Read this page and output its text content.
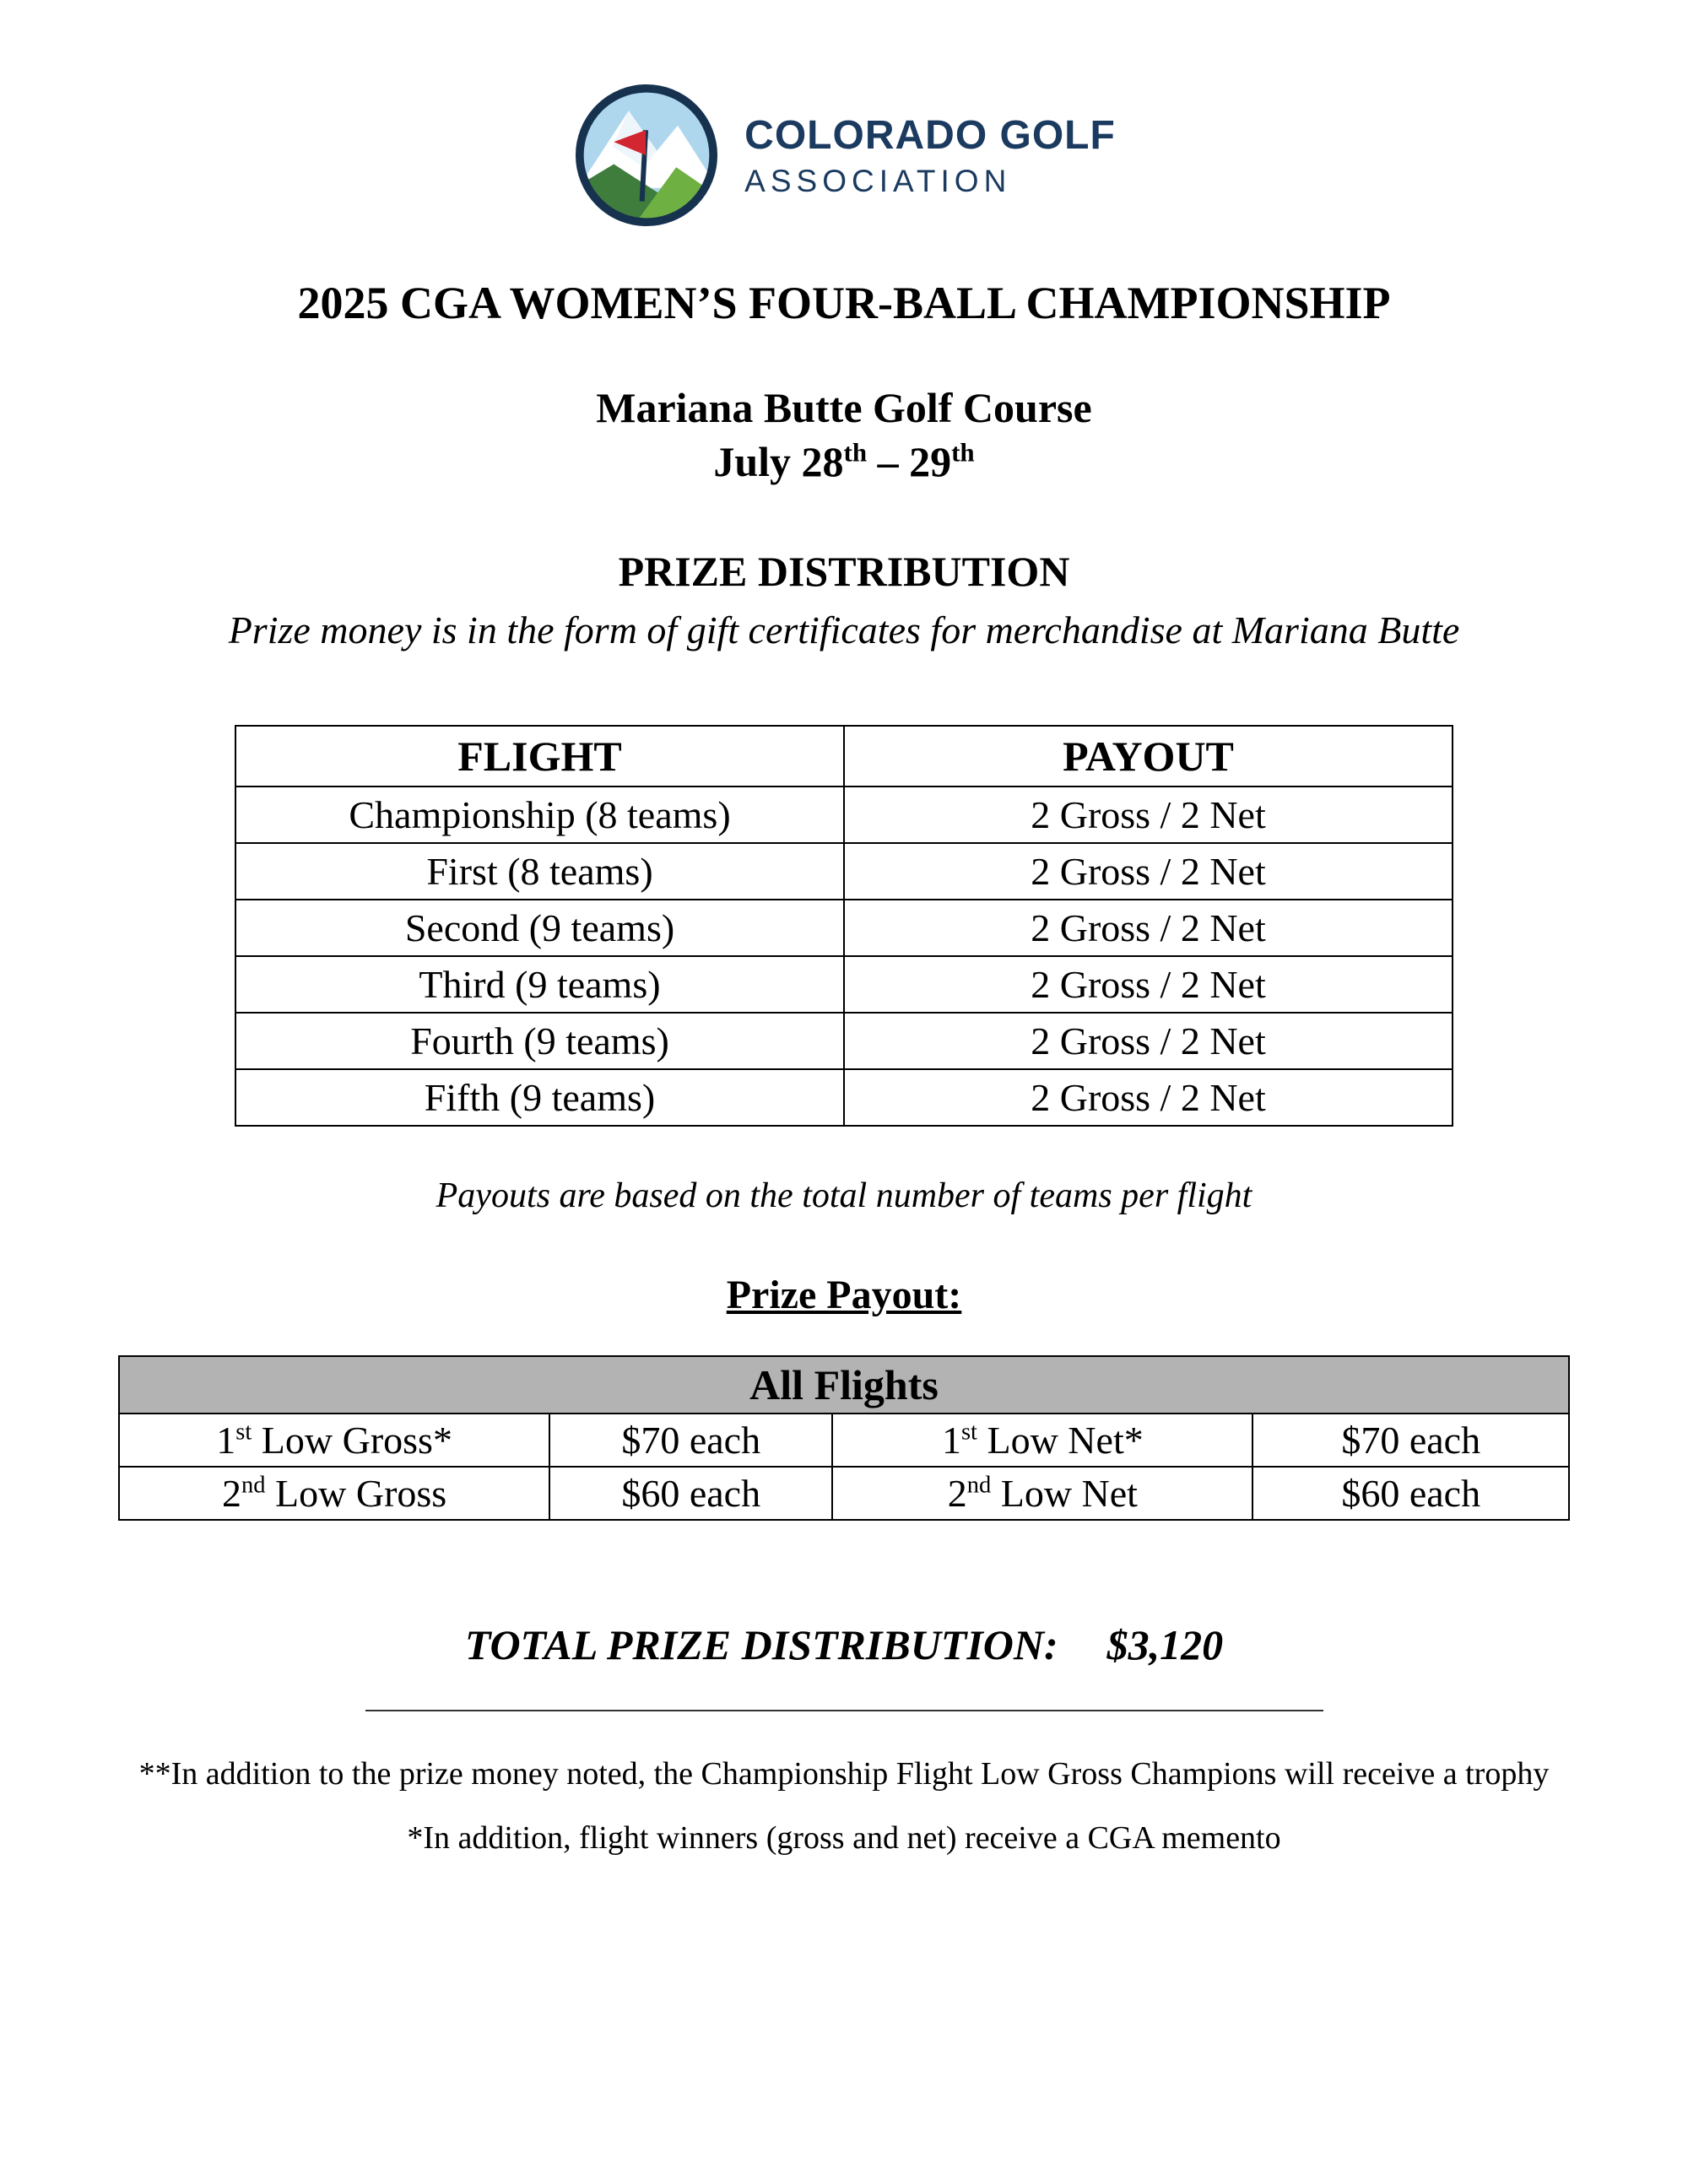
COLORADO GOLF
ASSOCIATION
2025 CGA WOMEN’S FOUR-BALL CHAMPIONSHIP
Mariana Butte Golf Course
July 28th – 29th
PRIZE DISTRIBUTION
Prize money is in the form of gift certificates for merchandise at Mariana Butte
FLIGHT	PAYOUT
Championship (8 teams)	2 Gross / 2 Net
First (8 teams)	2 Gross / 2 Net
Second (9 teams)	2 Gross / 2 Net
Third (9 teams)	2 Gross / 2 Net
Fourth (9 teams)	2 Gross / 2 Net
Fifth (9 teams)	2 Gross / 2 Net
Payouts are based on the total number of teams per flight
Prize Payout:
All Flights			
1st Low Gross*	$70 each	1st Low Net*	$70 each
2nd Low Gross	$60 each	2nd Low Net	$60 each
TOTAL PRIZE DISTRIBUTION: $3,120
**In addition to the prize money noted, the Championship Flight Low Gross Champions will receive a trophy
*In addition, flight winners (gross and net) receive a CGA memento
